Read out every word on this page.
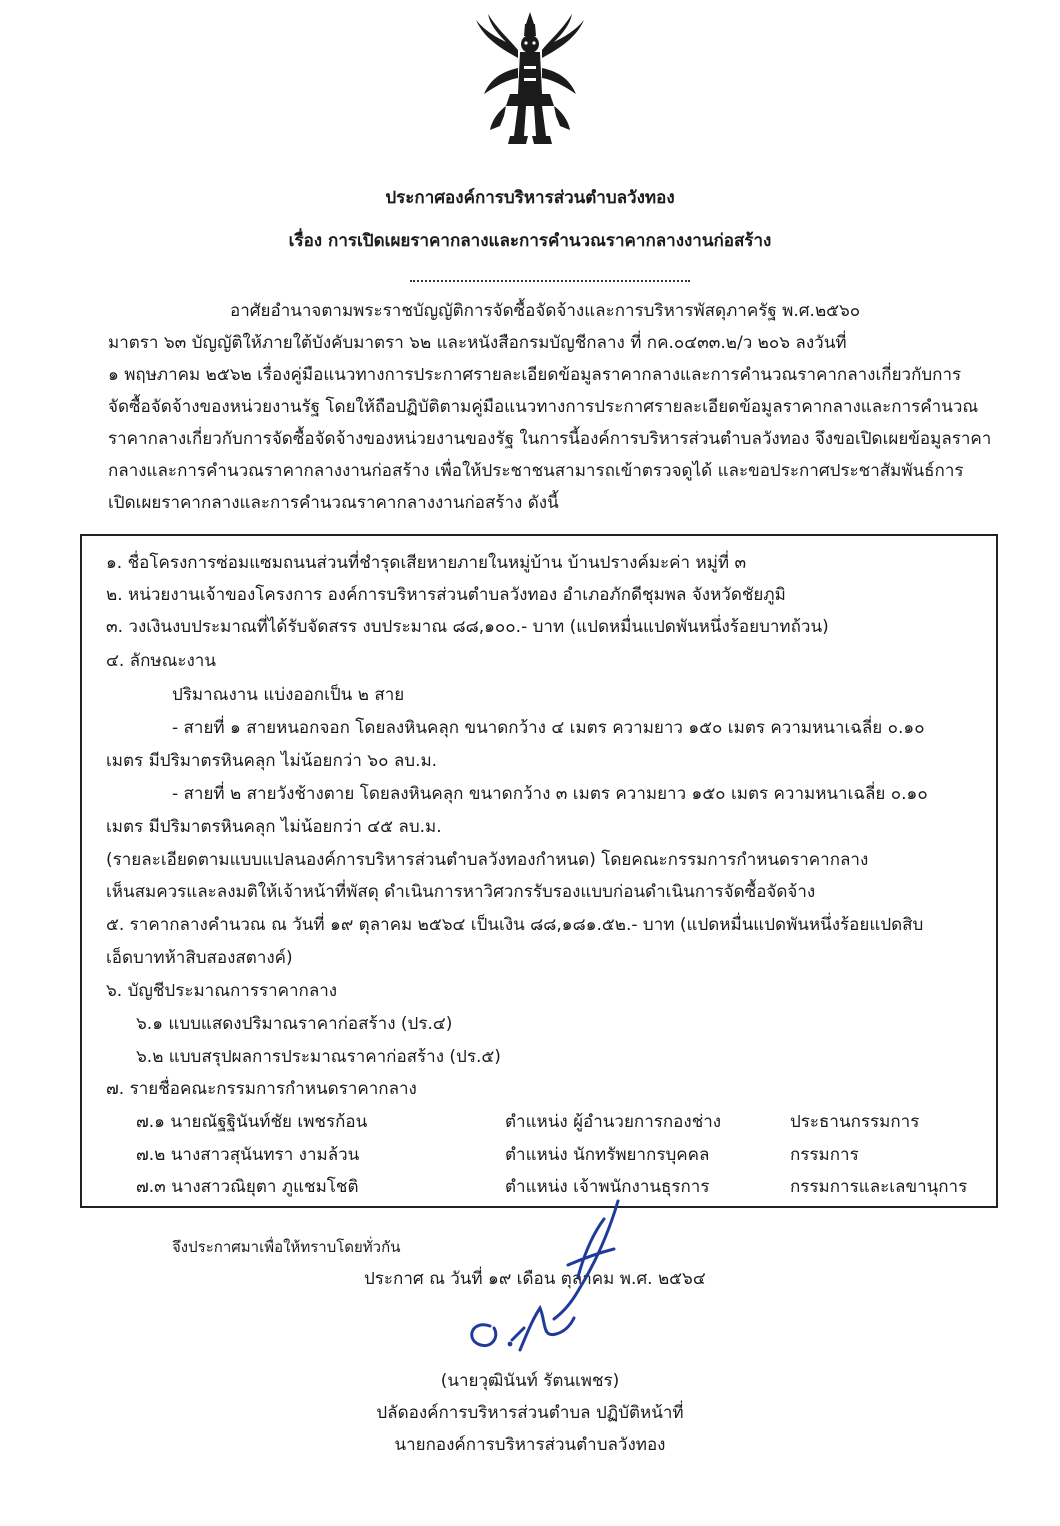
ประกาศองค์การบริหารส่วนตำบลวังทอง
เรื่อง การเปิดเผยราคากลางและการคำนวณราคากลางงานก่อสร้าง
อาศัยอำนาจตามพระราชบัญญัติการจัดซื้อจัดจ้างและการบริหารพัสดุภาครัฐ พ.ศ.๒๕๖๐
มาตรา ๖๓ บัญญัติให้ภายใต้บังคับมาตรา ๖๒ และหนังสือกรมบัญชีกลาง ที่ กค.๐๔๓๓.๒/ว ๒๐๖ ลงวันที่
๑ พฤษภาคม ๒๕๖๒ เรื่องคู่มือแนวทางการประกาศรายละเอียดข้อมูลราคากลางและการคำนวณราคากลางเกี่ยวกับการ
จัดซื้อจัดจ้างของหน่วยงานรัฐ โดยให้ถือปฏิบัติตามคู่มือแนวทางการประกาศรายละเอียดข้อมูลราคากลางและการคำนวณ
ราคากลางเกี่ยวกับการจัดซื้อจัดจ้างของหน่วยงานของรัฐ ในการนี้องค์การบริหารส่วนตำบลวังทอง จึงขอเปิดเผยข้อมูลราคา
กลางและการคำนวณราคากลางงานก่อสร้าง เพื่อให้ประชาชนสามารถเข้าตรวจดูได้ และขอประกาศประชาสัมพันธ์การ
เปิดเผยราคากลางและการคำนวณราคากลางงานก่อสร้าง ดังนี้
๑. ชื่อโครงการซ่อมแซมถนนส่วนที่ชำรุดเสียหายภายในหมู่บ้าน บ้านปรางค์มะค่า หมู่ที่ ๓
๒. หน่วยงานเจ้าของโครงการ องค์การบริหารส่วนตำบลวังทอง อำเภอภักดีชุมพล จังหวัดชัยภูมิ
๓. วงเงินงบประมาณที่ได้รับจัดสรร งบประมาณ ๘๘,๑๐๐.- บาท (แปดหมื่นแปดพันหนึ่งร้อยบาทถ้วน)
๔. ลักษณะงาน
ปริมาณงาน แบ่งออกเป็น ๒ สาย
- สายที่ ๑ สายหนอกจอก โดยลงหินคลุก ขนาดกว้าง ๔ เมตร ความยาว ๑๕๐ เมตร ความหนาเฉลี่ย ๐.๑๐
เมตร มีปริมาตรหินคลุก ไม่น้อยกว่า ๖๐ ลบ.ม.
- สายที่ ๒ สายวังช้างตาย โดยลงหินคลุก ขนาดกว้าง ๓ เมตร ความยาว ๑๕๐ เมตร ความหนาเฉลี่ย ๐.๑๐
เมตร มีปริมาตรหินคลุก ไม่น้อยกว่า ๔๕ ลบ.ม.
(รายละเอียดตามแบบแปลนองค์การบริหารส่วนตำบลวังทองกำหนด) โดยคณะกรรมการกำหนดราคากลาง
เห็นสมควรและลงมติให้เจ้าหน้าที่พัสดุ ดำเนินการหาวิศวกรรับรองแบบก่อนดำเนินการจัดซื้อจัดจ้าง
๕. ราคากลางคำนวณ ณ วันที่ ๑๙ ตุลาคม ๒๕๖๔ เป็นเงิน ๘๘,๑๘๑.๕๒.- บาท (แปดหมื่นแปดพันหนึ่งร้อยแปดสิบ
เอ็ดบาทห้าสิบสองสตางค์)
๖. บัญชีประมาณการราคากลาง
๖.๑ แบบแสดงปริมาณราคาก่อสร้าง (ปร.๔)
๖.๒ แบบสรุปผลการประมาณราคาก่อสร้าง (ปร.๕)
๗. รายชื่อคณะกรรมการกำหนดราคากลาง
๗.๑ นายณัฐฐินันท์ชัย เพชรก้อน	ตำแหน่ง ผู้อำนวยการกองช่าง	ประธานกรรมการ
๗.๒ นางสาวสุนันทรา งามล้วน	ตำแหน่ง นักทรัพยากรบุคคล	กรรมการ
๗.๓ นางสาวณิยุตา ภูแชมโชติ	ตำแหน่ง เจ้าพนักงานธุรการ	กรรมการและเลขานุการ
จึงประกาศมาเพื่อให้ทราบโดยทั่วกัน
ประกาศ ณ วันที่ ๑๙ เดือน ตุลาคม พ.ศ. ๒๕๖๔
(นายวุฒินันท์ รัตนเพชร)
ปลัดองค์การบริหารส่วนตำบล ปฏิบัติหน้าที่
นายกองค์การบริหารส่วนตำบลวังทอง
